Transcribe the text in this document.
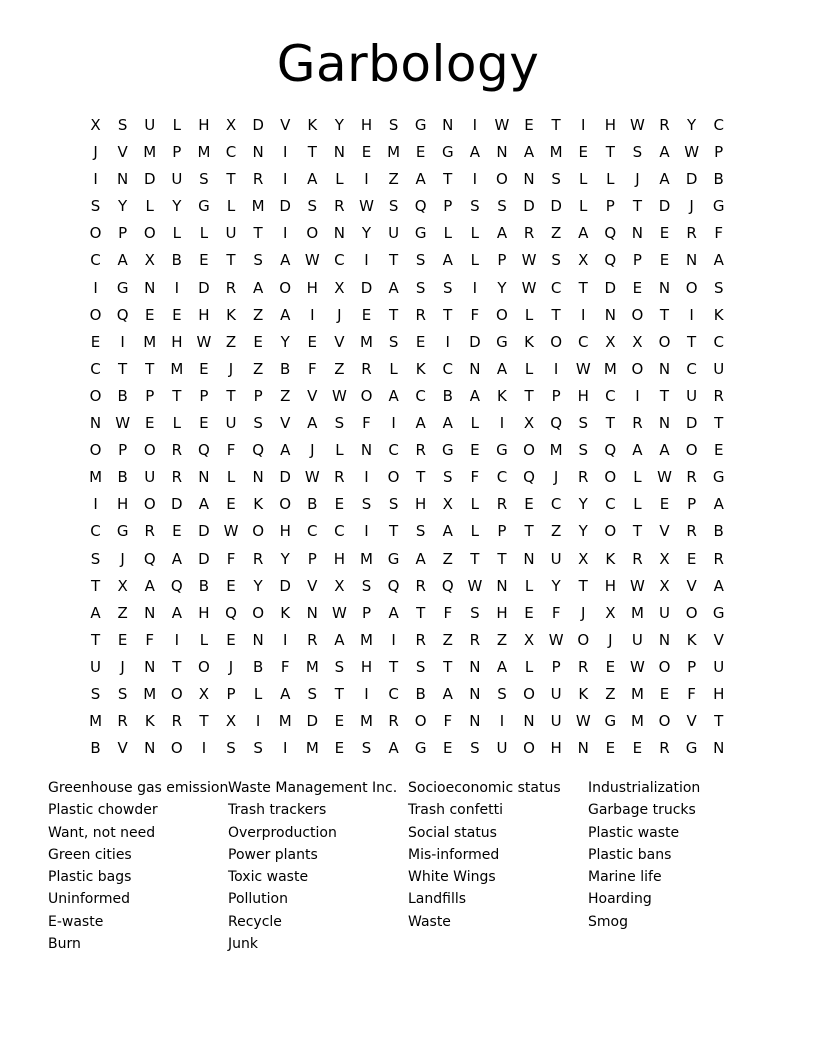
Garbology
X	S	U	L	H	X	D	V	K	Y	H	S	G	N	I	W E	T	I	H W R	Y	C
J	V	M	P	M	C	N	I	T	N	E	M	E	G	A	N	A	M	E	T	S	A W	P
I	N	D	U	S	T	R	I	A	L	I	Z	A	T	I	O	N	S	L	L	J	A	D	B
S	Y	L	Y	G	L	M D	S	R W S	Q	P	S	S	D	D	L	P	T	D	J	G
O	P	O	L	L	U	T	I	O	N	Y	U	G	L	L	A	R	Z	A	Q	N	E	R	F
C	A	X	B	E	T	S	A W C	I	T	S	A	L	P	W S	X	Q	P	E	N	A
I	G	N	I	D	R	A	O	H	X	D	A	S	S	I	Y	W C	T	D	E	N	O	S
O	Q	E	E	H	K	Z	A	I	J	E	T	R	T	F	O	L	T	I	N	O	T	I	K
E	I	M H W Z	E	Y	E	V	M	S	E	I	D	G	K	O	C	X	X	O	T	C
C	T	T	M	E	J	Z	B	F	Z	R	L	K	C	N	A	L	I	W M O	N	C	U
O	B	P	T	P	T	P	Z	V W O	A	C	B	A	K	T	P	H	C	I	T	U	R
N W E	L	E	U	S	V	A	S	F	I	A	A	L	I	X	Q	S	T	R	N	D	T
O	P	O	R	Q	F	Q	A	J	L	N	C	R	G	E	G	O M	S	Q	A	A	O	E
M	B	U	R	N	L	N	D W R	I	O	T	S	F	C	Q	J	R	O	L	W R	G
I	H	O	D	A	E	K	O	B	E	S	S	H	X	L	R	E	C	Y	C	L	E	P	A
C	G	R	E	D W O	H	C	C	I	T	S	A	L	P	T	Z	Y	O	T	V	R	B
S	J	Q	A	D	F	R	Y	P	H M G	A	Z	T	T	N	U	X	K	R	X	E	R
T	X	A	Q	B	E	Y	D	V	X	S	Q	R	Q W N	L	Y	T	H W X	V	A
A	Z	N	A	H	Q	O	K	N W	P	A	T	F	S	H	E	F	J	X	M	U	O	G
T	E	F	I	L	E	N	I	R	A	M	I	R	Z	R	Z	X W O	J	U	N	K	V
U	J	N	T	O	J	B	F	M	S	H	T	S	T	N	A	L	P	R	E W O	P	U
S	S	M O	X	P	L	A	S	T	I	C	B	A	N	S	O	U	K	Z	M	E	F	H
M	R	K	R	T	X	I	M D	E	M	R	O	F	N	I	N	U W G M O	V	T
B	V	N	O	I	S	S	I	M	E	S	A	G	E	S	U	O	H	N	E	E	R	G	N
Greenhouse gas emission
Plastic chowder
Want, not need
Green cities
Plastic bags
Uninformed
E-waste
Burn
Waste Management Inc.
Trash trackers
Overproduction
Power plants
Toxic waste
Pollution
Recycle
Junk
Socioeconomic status
Trash confetti
Social status
Mis-informed
White Wings
Landfills
Waste
Industrialization
Garbage trucks
Plastic waste
Plastic bans
Marine life
Hoarding
Smog
